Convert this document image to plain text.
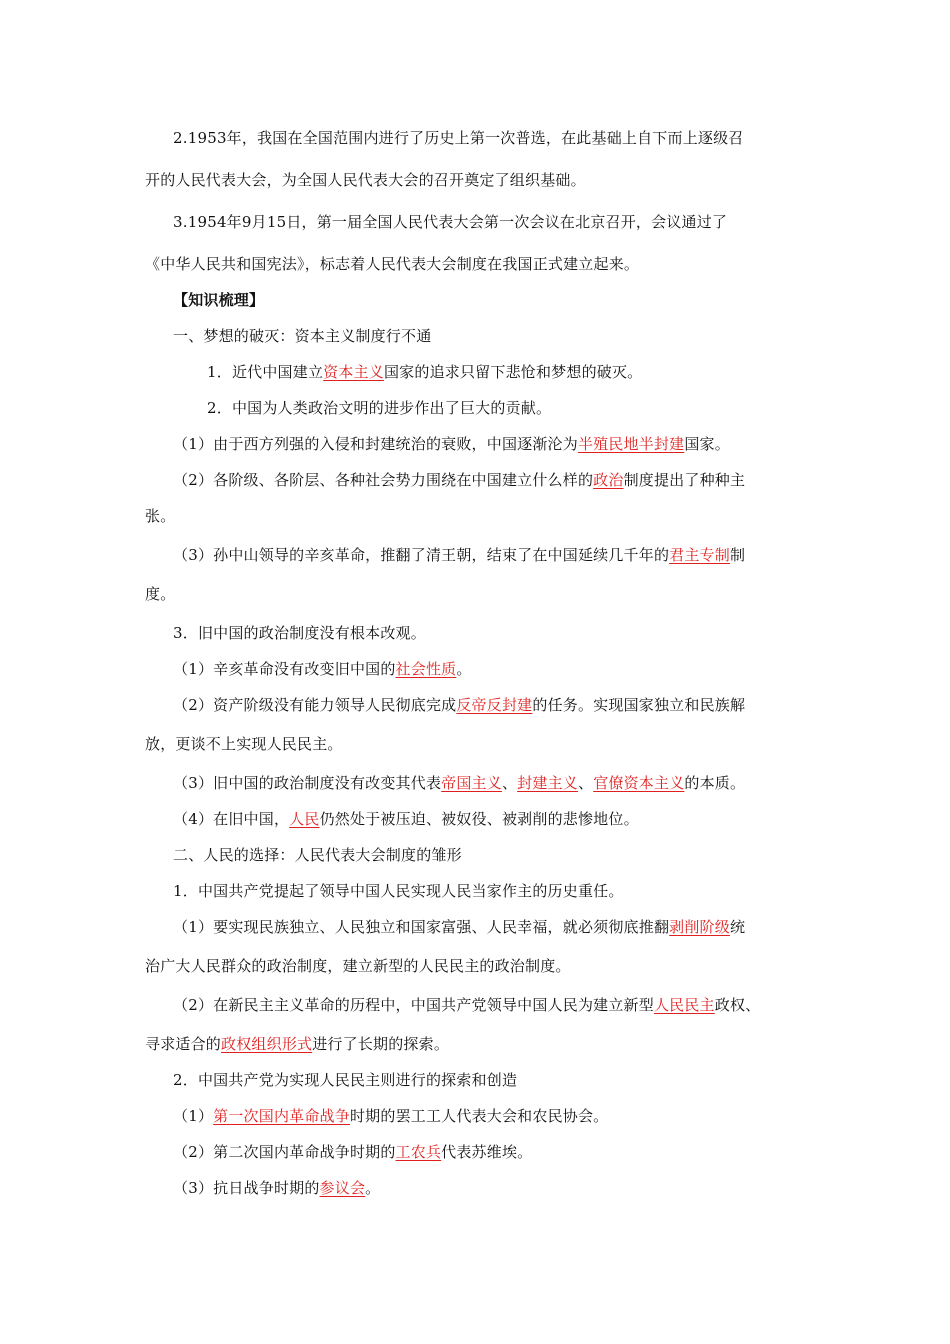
2.1953年，我国在全国范围内进行了历史上第一次普选，在此基础上自下而上逐级召
开的人民代表大会，为全国人民代表大会的召开奠定了组织基础。
3.1954年9月15日，第一届全国人民代表大会第一次会议在北京召开，会议通过了
《中华人民共和国宪法》，标志着人民代表大会制度在我国正式建立起来。
【知识梳理】
一、梦想的破灭：资本主义制度行不通
1．近代中国建立资本主义国家的追求只留下悲怆和梦想的破灭。
2．中国为人类政治文明的进步作出了巨大的贡献。
（1）由于西方列强的入侵和封建统治的衰败，中国逐渐沦为半殖民地半封建国家。
（2）各阶级、各阶层、各种社会势力围绕在中国建立什么样的政治制度提出了种种主
张。
（3）孙中山领导的辛亥革命，推翻了清王朝，结束了在中国延续几千年的君主专制制
度。
3．旧中国的政治制度没有根本改观。
（1）辛亥革命没有改变旧中国的社会性质。
（2）资产阶级没有能力领导人民彻底完成反帝反封建的任务。实现国家独立和民族解
放，更谈不上实现人民民主。
（3）旧中国的政治制度没有改变其代表帝国主义、封建主义、官僚资本主义的本质。
（4）在旧中国，人民仍然处于被压迫、被奴役、被剥削的悲惨地位。
二、人民的选择：人民代表大会制度的雏形
1．中国共产党提起了领导中国人民实现人民当家作主的历史重任。
（1）要实现民族独立、人民独立和国家富强、人民幸福，就必须彻底推翻剥削阶级统
治广大人民群众的政治制度，建立新型的人民民主的政治制度。
（2）在新民主主义革命的历程中，中国共产党领导中国人民为建立新型人民民主政权、
寻求适合的政权组织形式进行了长期的探索。
2．中国共产党为实现人民民主则进行的探索和创造
（1）第一次国内革命战争时期的罢工工人代表大会和农民协会。
（2）第二次国内革命战争时期的工农兵代表苏维埃。
（3）抗日战争时期的参议会。
